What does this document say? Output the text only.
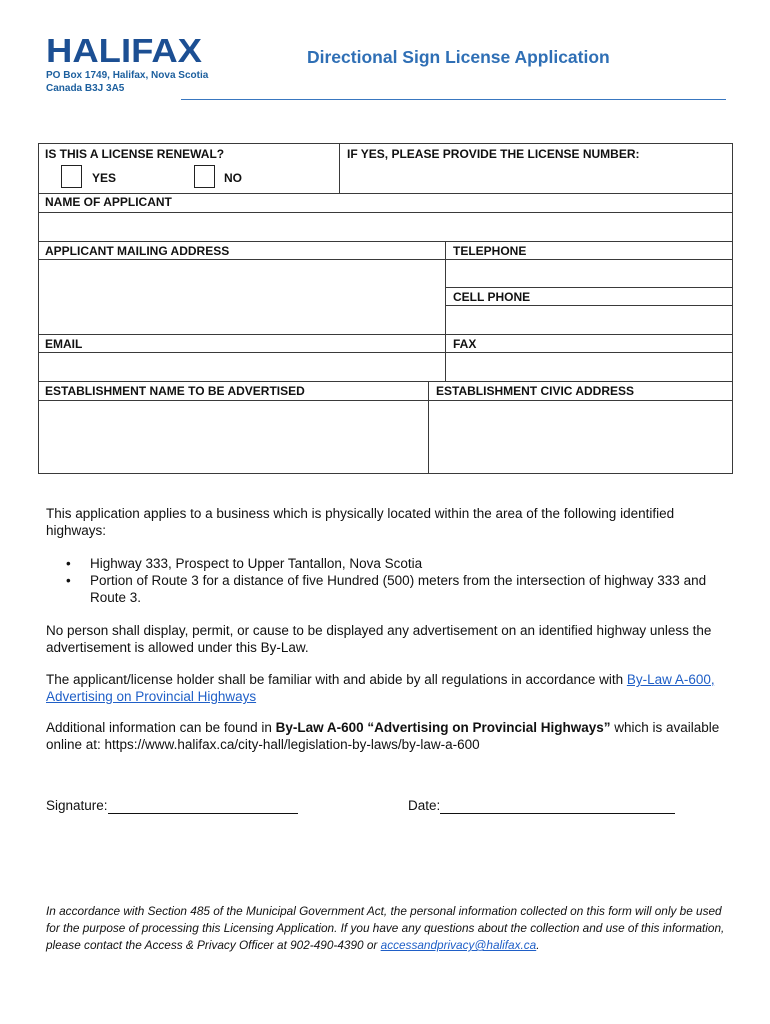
HALIFAX
PO Box 1749, Halifax, Nova Scotia
Canada B3J 3A5
Directional Sign License Application
IS THIS A LICENSE RENEWAL?	IF YES, PLEASE PROVIDE THE LICENSE NUMBER:
YES	NO
NAME OF APPLICANT
APPLICANT MAILING ADDRESS	TELEPHONE
CELL PHONE
EMAIL	FAX
ESTABLISHMENT NAME TO BE ADVERTISED	ESTABLISHMENT CIVIC ADDRESS
This application applies to a business which is physically located within the area of the following identified highways:
• Highway 333, Prospect to Upper Tantallon, Nova Scotia
• Portion of Route 3 for a distance of five Hundred (500) meters from the intersection of highway 333 and Route 3.
No person shall display, permit, or cause to be displayed any advertisement on an identified highway unless the advertisement is allowed under this By-Law.
The applicant/license holder shall be familiar with and abide by all regulations in accordance with By-Law A-600, Advertising on Provincial Highways
Additional information can be found in By-Law A-600 “Advertising on Provincial Highways” which is available online at: https://www.halifax.ca/city-hall/legislation-by-laws/by-law-a-600
Signature:	Date:
In accordance with Section 485 of the Municipal Government Act, the personal information collected on this form will only be used for the purpose of processing this Licensing Application. If you have any questions about the collection and use of this information, please contact the Access & Privacy Officer at 902-490-4390 or accessandprivacy@halifax.ca.
